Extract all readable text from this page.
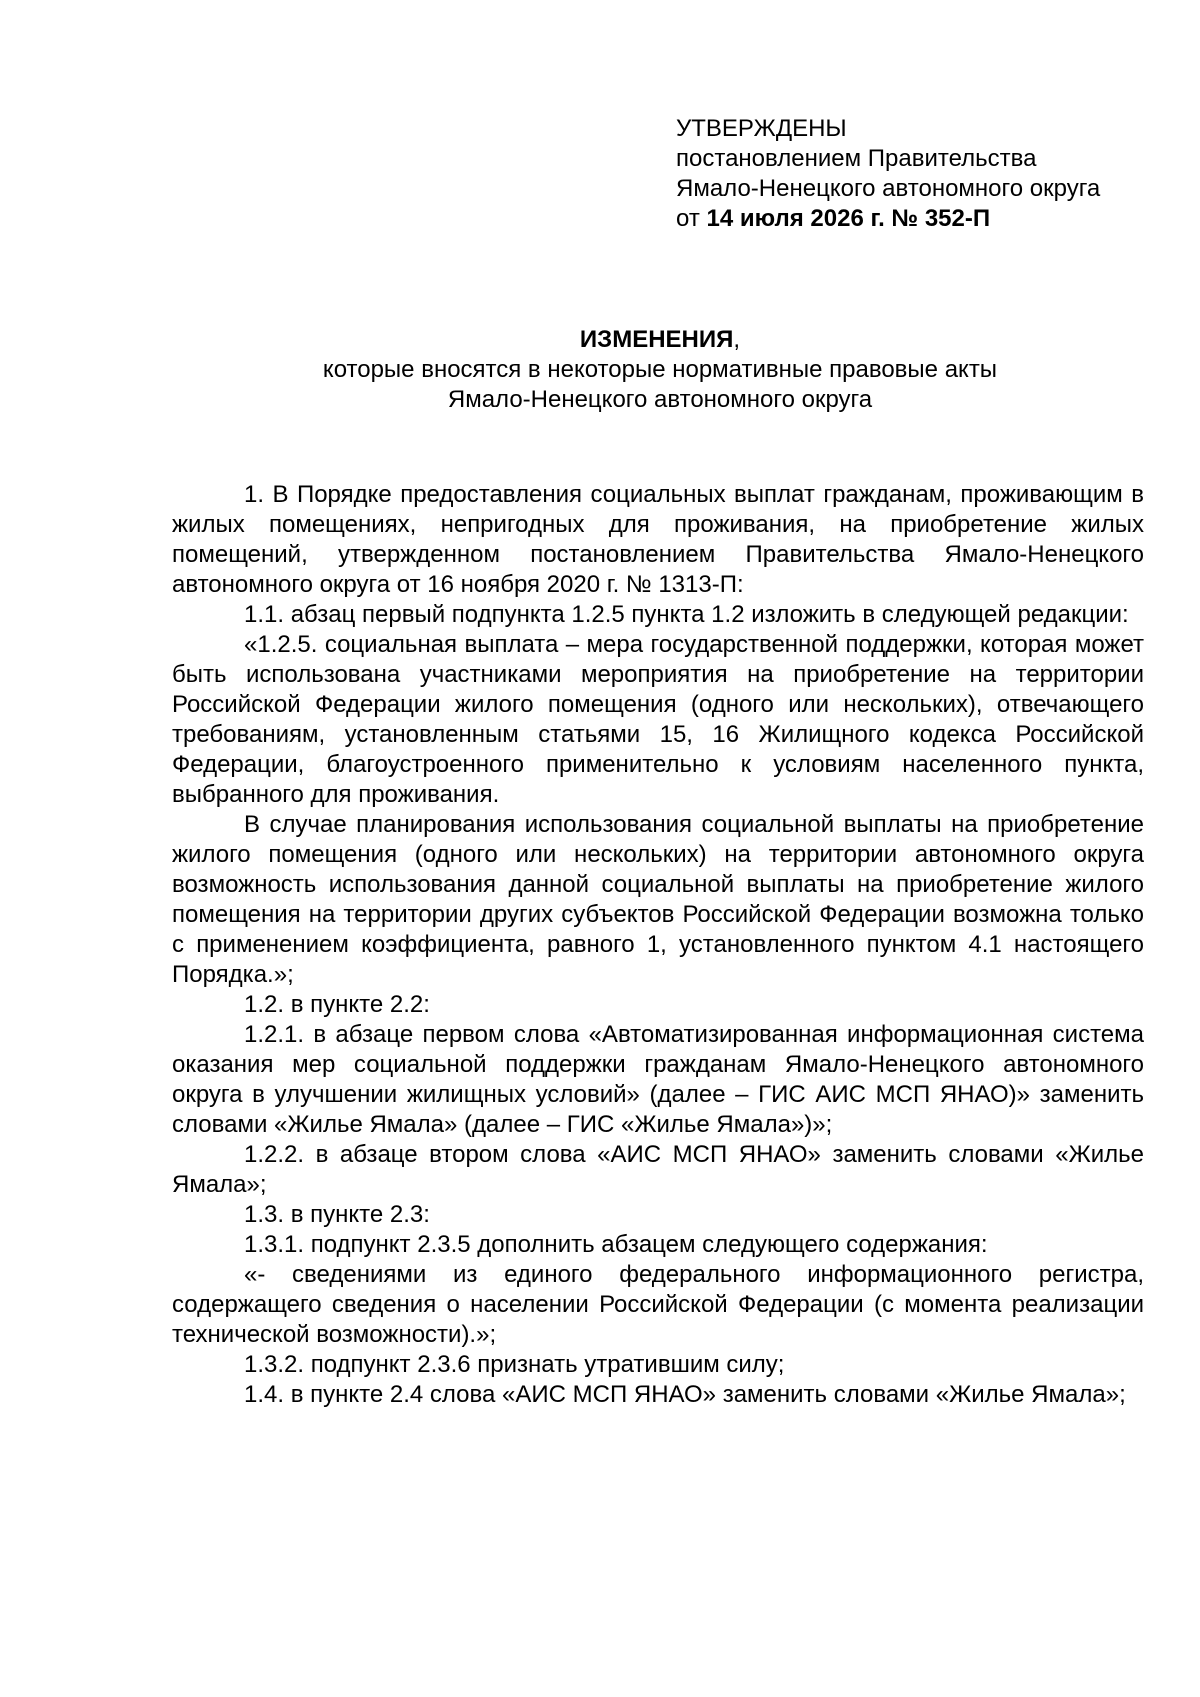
УТВЕРЖДЕНЫ

постановлением Правительства

Ямало-Ненецкого автономного округа

от 14 июля 2026 г. № 352-П

ИЗМЕНЕНИЯ,

которые вносятся в некоторые нормативные правовые акты

Ямало-Ненецкого автономного округа

1. В Порядке предоставления социальных выплат гражданам, проживающим в жилых помещениях, непригодных для проживания, на приобретение жилых помещений, утвержденном постановлением Правительства Ямало-Ненецкого автономного округа от 16 ноября 2020 г. № 1313-П:

1.1. абзац первый подпункта 1.2.5 пункта 1.2 изложить в следующей редакции:

«1.2.5. социальная выплата – мера государственной поддержки, которая может быть использована участниками мероприятия на приобретение на территории Российской Федерации жилого помещения (одного или нескольких), отвечающего требованиям, установленным статьями 15, 16 Жилищного кодекса Российской Федерации, благоустроенного применительно к условиям населенного пункта, выбранного для проживания.

В случае планирования использования социальной выплаты на приобретение жилого помещения (одного или нескольких) на территории автономного округа возможность использования данной социальной выплаты на приобретение жилого помещения на территории других субъектов Российской Федерации возможна только с применением коэффициента, равного 1, установленного пунктом 4.1 настоящего Порядка.»;

1.2. в пункте 2.2:

1.2.1. в абзаце первом слова «Автоматизированная информационная система оказания мер социальной поддержки гражданам Ямало-Ненецкого автономного округа в улучшении жилищных условий» (далее – ГИС АИС МСП ЯНАО)» заменить словами «Жилье Ямала» (далее – ГИС «Жилье Ямала»)»;

1.2.2. в абзаце втором слова «АИС МСП ЯНАО» заменить словами «Жилье Ямала»;

1.3. в пункте 2.3:

1.3.1. подпункт 2.3.5 дополнить абзацем следующего содержания:

«- сведениями из единого федерального информационного регистра, содержащего сведения о населении Российской Федерации (с момента реализации технической возможности).»;

1.3.2. подпункт 2.3.6 признать утратившим силу;

1.4. в пункте 2.4 слова «АИС МСП ЯНАО» заменить словами «Жилье Ямала»;
